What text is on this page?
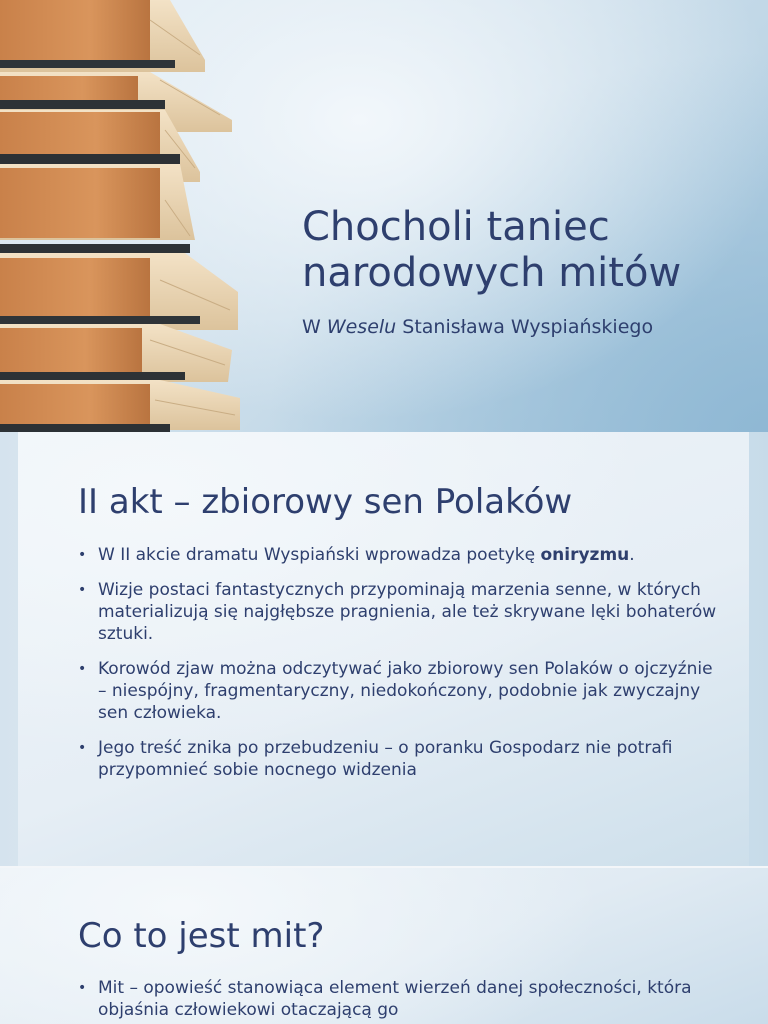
Chocholi taniec narodowych mitów

W Weselu Stanisława Wyspiańskiego

II akt – zbiorowy sen Polaków
• W II akcie dramatu Wyspiański wprowadza poetykę oniryzmu.
• Wizje postaci fantastycznych przypominają marzenia senne, w których materializują się najgłębsze pragnienia, ale też skrywane lęki bohaterów sztuki.
• Korowód zjaw można odczytywać jako zbiorowy sen Polaków o ojczyźnie – niespójny, fragmentaryczny, niedokończony, podobnie jak zwyczajny sen człowieka.
• Jego treść znika po przebudzeniu – o poranku Gospodarz nie potrafi przypomnieć sobie nocnego widzenia
Co to jest mit?
• Mit – opowieść stanowiąca element wierzeń danej społeczności, która objaśnia człowiekowi otaczającą go
